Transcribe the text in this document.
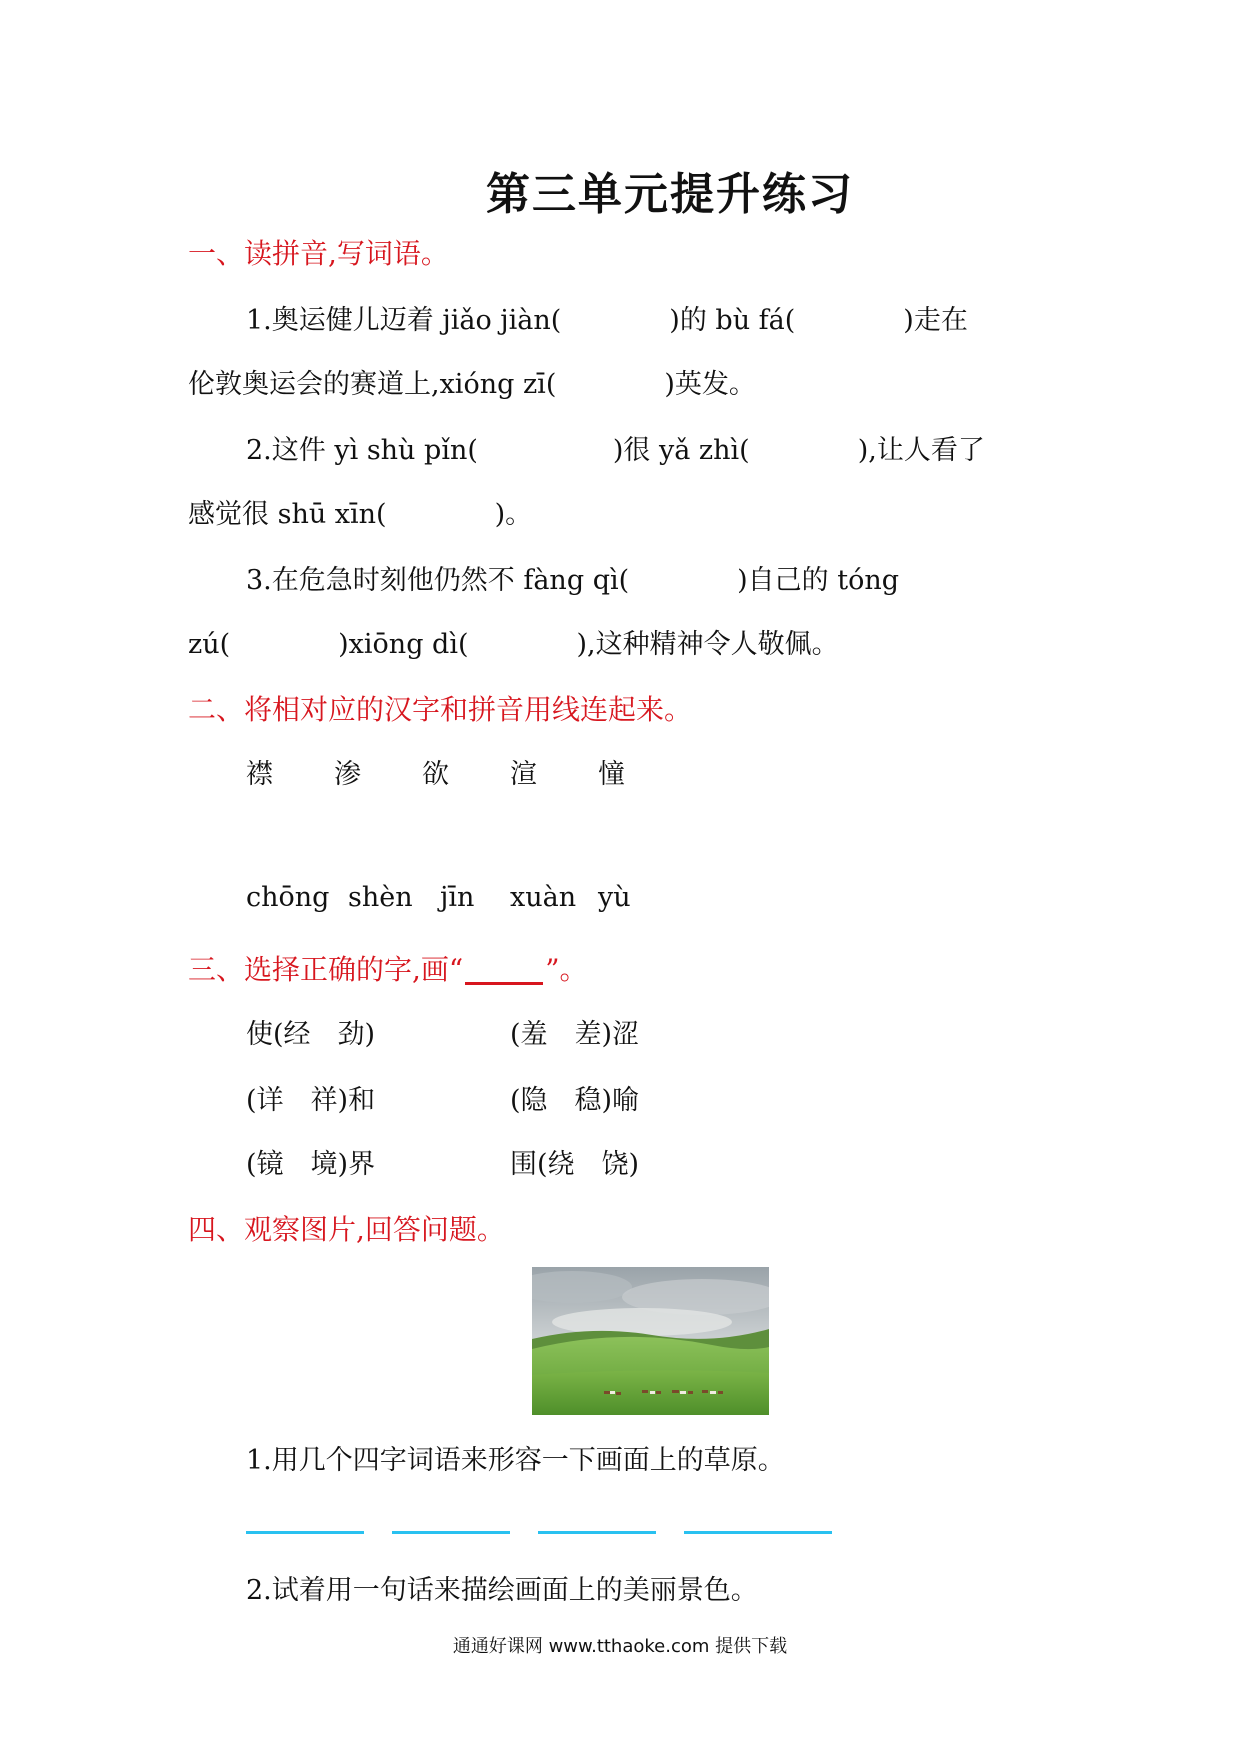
第三单元提升练习
一、读拼音,写词语。
1.奥运健儿迈着 jiǎo jiàn(　　　　)的 bù fá(　　　　)走在
伦敦奥运会的赛道上,xióng zī(　　　　)英发。
2.这件 yì shù pǐn(　　　　　)很 yǎ zhì(　　　　),让人看了
感觉很 shū xīn(　　　　)。
3.在危急时刻他仍然不 fàng qì(　　　　)自己的 tóng
zú(　　　　)xiōng dì(　　　　),这种精神令人敬佩。
二、将相对应的汉字和拼音用线连起来。
襟 渗 欲 渲 憧
chōng shèn jīn xuàn yù
三、选择正确的字,画“	”。
使(经　劲)	(羞　差)涩
(详　祥)和	(隐　稳)喻
(镜　境)界	围(绕　饶)
四、观察图片,回答问题。
1.用几个四字词语来形容一下画面上的草原。
2.试着用一句话来描绘画面上的美丽景色。
通通好课网 www.tthaoke.com 提供下载
